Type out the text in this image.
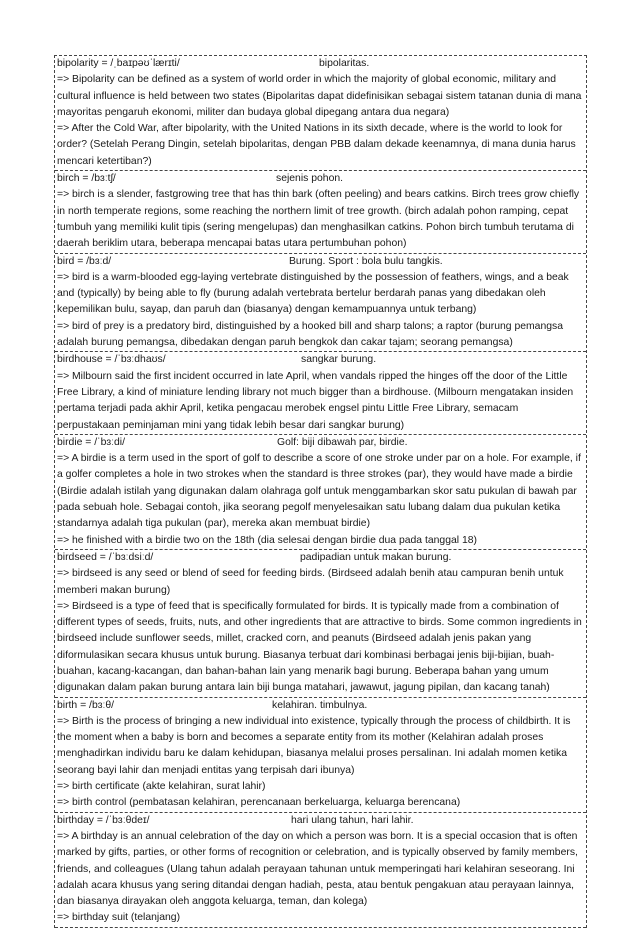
bipolarity = /ˌbaɪpəʊˈlærɪti/	bipolaritas.
=> Bipolarity can be defined as a system of world order in which the majority of global economic, military and cultural influence is held between two states (Bipolaritas dapat didefinisikan sebagai sistem tatanan dunia di mana mayoritas pengaruh ekonomi, militer dan budaya global dipegang antara dua negara)
=> After the Cold War, after bipolarity, with the United Nations in its sixth decade, where is the world to look for order? (Setelah Perang Dingin, setelah bipolaritas, dengan PBB dalam dekade keenamnya, di mana dunia harus mencari ketertiban?)
birch = /bɜːtʃ/	sejenis pohon.
=> birch is a slender, fastgrowing tree that has thin bark (often peeling) and bears catkins. Birch trees grow chiefly in north temperate regions, some reaching the northern limit of tree growth. (birch adalah pohon ramping, cepat tumbuh yang memiliki kulit tipis (sering mengelupas) dan menghasilkan catkins. Pohon birch tumbuh terutama di daerah beriklim utara, beberapa mencapai batas utara pertumbuhan pohon)
bird = /bɜːd/	Burung. Sport : bola bulu tangkis.
=> bird is a warm-blooded egg-laying vertebrate distinguished by the possession of feathers, wings, and a beak and (typically) by being able to fly (burung adalah vertebrata bertelur berdarah panas yang dibedakan oleh kepemilikan bulu, sayap, dan paruh dan (biasanya) dengan kemampuannya untuk terbang)
=> bird of prey is a predatory bird, distinguished by a hooked bill and sharp talons; a raptor (burung pemangsa adalah burung pemangsa, dibedakan dengan paruh bengkok dan cakar tajam; seorang pemangsa)
birdhouse = /ˈbɜːdhaʊs/	sangkar burung.
=> Milbourn said the first incident occurred in late April, when vandals ripped the hinges off the door of the Little Free Library, a kind of miniature lending library not much bigger than a birdhouse. (Milbourn mengatakan insiden pertama terjadi pada akhir April, ketika pengacau merobek engsel pintu Little Free Library, semacam perpustakaan peminjaman mini yang tidak lebih besar dari sangkar burung)
birdie = /ˈbɜːdi/	Golf: biji dibawah par, birdie.
=> A birdie is a term used in the sport of golf to describe a score of one stroke under par on a hole. For example, if a golfer completes a hole in two strokes when the standard is three strokes (par), they would have made a birdie (Birdie adalah istilah yang digunakan dalam olahraga golf untuk menggambarkan skor satu pukulan di bawah par pada sebuah hole. Sebagai contoh, jika seorang pegolf menyelesaikan satu lubang dalam dua pukulan ketika standarnya adalah tiga pukulan (par), mereka akan membuat birdie)
=> he finished with a birdie two on the 18th (dia selesai dengan birdie dua pada tanggal 18)
birdseed = /ˈbɜːdsiːd/	padipadian untuk makan burung.
=> birdseed is any seed or blend of seed for feeding birds. (Birdseed adalah benih atau campuran benih untuk memberi makan burung)
=> Birdseed is a type of feed that is specifically formulated for birds. It is typically made from a combination of different types of seeds, fruits, nuts, and other ingredients that are attractive to birds. Some common ingredients in birdseed include sunflower seeds, millet, cracked corn, and peanuts (Birdseed adalah jenis pakan yang diformulasikan secara khusus untuk burung. Biasanya terbuat dari kombinasi berbagai jenis biji-bijian, buah-buahan, kacang-kacangan, dan bahan-bahan lain yang menarik bagi burung. Beberapa bahan yang umum digunakan dalam pakan burung antara lain biji bunga matahari, jawawut, jagung pipilan, dan kacang tanah)
birth = /bɜːθ/	kelahiran. timbulnya.
=> Birth is the process of bringing a new individual into existence, typically through the process of childbirth. It is the moment when a baby is born and becomes a separate entity from its mother (Kelahiran adalah proses menghadirkan individu baru ke dalam kehidupan, biasanya melalui proses persalinan. Ini adalah momen ketika seorang bayi lahir dan menjadi entitas yang terpisah dari ibunya)
=> birth certificate (akte kelahiran, surat lahir)
=> birth control (pembatasan kelahiran, perencanaan berkeluarga, keluarga berencana)
birthday = /ˈbɜːθdeɪ/	hari ulang tahun, hari lahir.
=> A birthday is an annual celebration of the day on which a person was born. It is a special occasion that is often marked by gifts, parties, or other forms of recognition or celebration, and is typically observed by family members, friends, and colleagues (Ulang tahun adalah perayaan tahunan untuk memperingati hari kelahiran seseorang. Ini adalah acara khusus yang sering ditandai dengan hadiah, pesta, atau bentuk pengakuan atau perayaan lainnya, dan biasanya dirayakan oleh anggota keluarga, teman, dan kolega)
=> birthday suit (telanjang)
